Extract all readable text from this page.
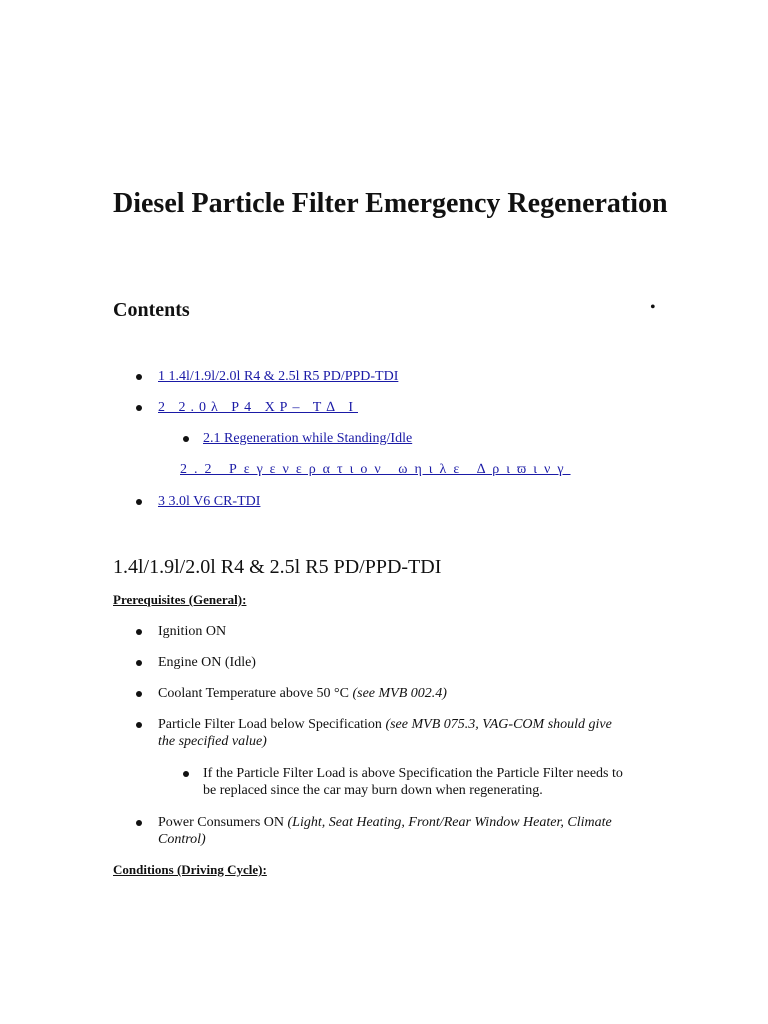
Diesel Particle Filter Emergency Regeneration
Contents	•
1 1.4l/1.9l/2.0l R4 & 2.5l R5 PD/PPD-TDI
2 2.0λ P4 XP– T∆ I
2.1 Regeneration while Standing/Idle
2.2 Ρεγενερατιον ωηιλε ∆ριϖινγ
3 3.0l V6 CR-TDI
1.4l/1.9l/2.0l R4 & 2.5l R5 PD/PPD-TDI
Prerequisites (General):
Ignition ON
Engine ON (Idle)
Coolant Temperature above 50 °C (see MVB 002.4)
Particle Filter Load below Specification (see MVB 075.3, VAG-COM should give the specified value)
If the Particle Filter Load is above Specification the Particle Filter needs to be replaced since the car may burn down when regenerating.
Power Consumers ON (Light, Seat Heating, Front/Rear Window Heater, Climate Control)
Conditions (Driving Cycle):
